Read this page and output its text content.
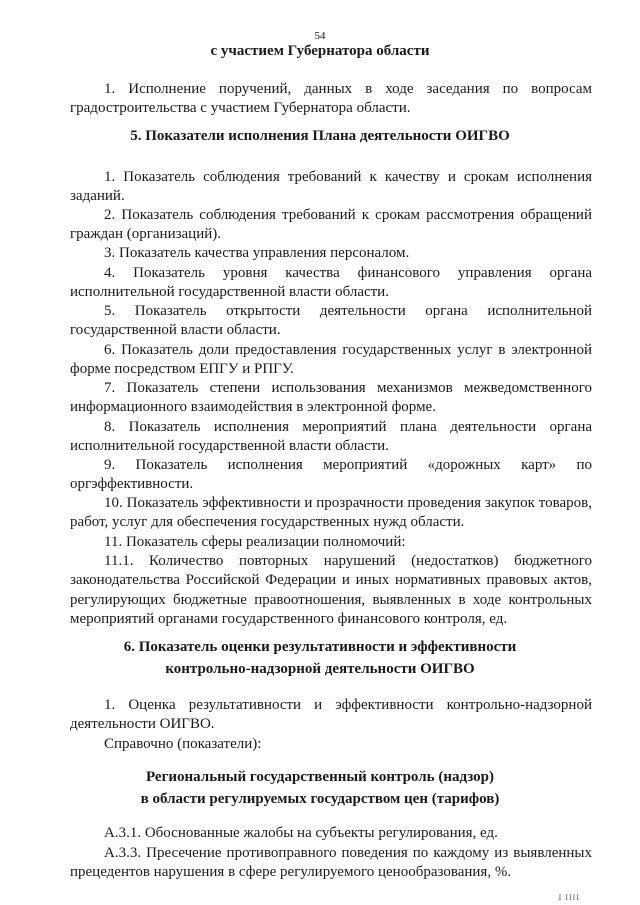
54
с участием Губернатора области

1. Исполнение поручений, данных в ходе заседания по вопросам градостроительства с участием Губернатора области.

5. Показатели исполнения Плана деятельности ОИГВО

1. Показатель соблюдения требований к качеству и срокам исполнения заданий.

2. Показатель соблюдения требований к срокам рассмотрения обращений граждан (организаций).

3. Показатель качества управления персоналом.

4. Показатель уровня качества финансового управления органа исполнительной государственной власти области.

5. Показатель открытости деятельности органа исполнительной государственной власти области.

6. Показатель доли предоставления государственных услуг в электронной форме посредством ЕПГУ и РПГУ.

7. Показатель степени использования механизмов межведомственного информационного взаимодействия в электронной форме.

8. Показатель исполнения мероприятий плана деятельности органа исполнительной государственной власти области.

9. Показатель исполнения мероприятий «дорожных карт» по оргэффективности.

10. Показатель эффективности и прозрачности проведения закупок товаров, работ, услуг для обеспечения государственных нужд области.

11. Показатель сферы реализации полномочий:

11.1. Количество повторных нарушений (недостатков) бюджетного законодательства Российской Федерации и иных нормативных правовых актов, регулирующих бюджетные правоотношения, выявленных в ходе контрольных мероприятий органами государственного финансового контроля, ед.

6. Показатель оценки результативности и эффективности
контрольно-надзорной деятельности ОИГВО

1. Оценка результативности и эффективности контрольно-надзорной деятельности ОИГВО.

Справочно (показатели):

Региональный государственный контроль (надзор)
в области регулируемых государством цен (тарифов)

А.3.1. Обоснованные жалобы на субъекты регулирования, ед.

А.3.3. Пресечение противоправного поведения по каждому из выявленных прецедентов нарушения в сфере регулируемого ценообразования, %.

I IIII
